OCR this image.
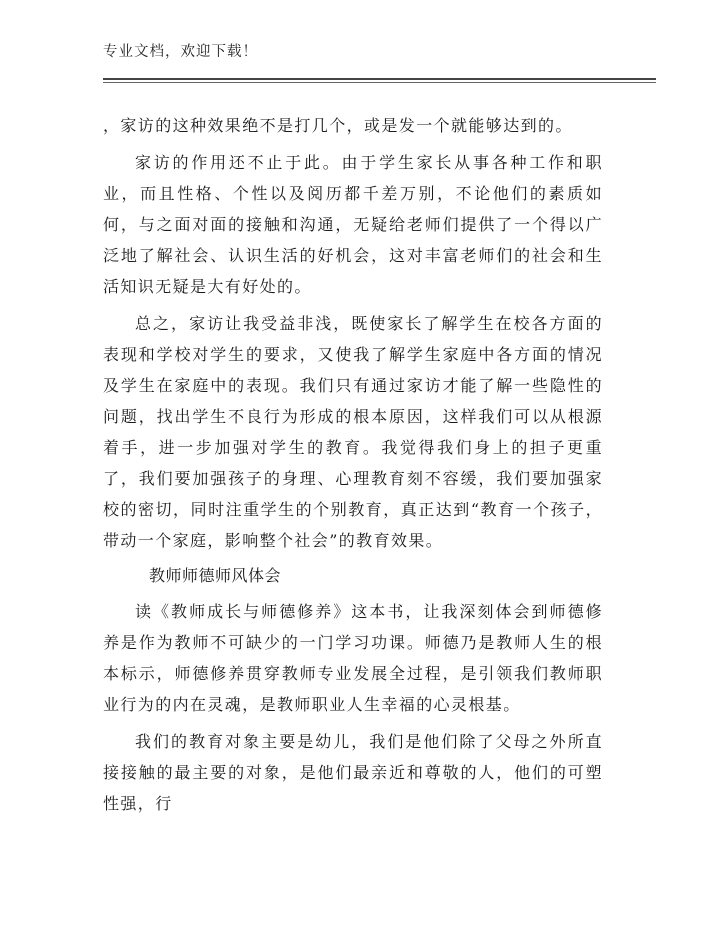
专业文档，欢迎下载！

，家访的这种效果绝不是打几个，或是发一个就能够达到的。

家访的作用还不止于此。由于学生家长从事各种工作和职业，而且性格、个性以及阅历都千差万别，不论他们的素质如何，与之面对面的接触和沟通，无疑给老师们提供了一个得以广泛地了解社会、认识生活的好机会，这对丰富老师们的社会和生活知识无疑是大有好处的。

总之，家访让我受益非浅，既使家长了解学生在校各方面的表现和学校对学生的要求，又使我了解学生家庭中各方面的情况及学生在家庭中的表现。我们只有通过家访才能了解一些隐性的问题，找出学生不良行为形成的根本原因，这样我们可以从根源着手，进一步加强对学生的教育。我觉得我们身上的担子更重了，我们要加强孩子的身理、心理教育刻不容缓，我们要加强家校的密切，同时注重学生的个别教育，真正达到“教育一个孩子，带动一个家庭，影响整个社会”的教育效果。

教师师德师风体会

读《教师成长与师德修养》这本书，让我深刻体会到师德修养是作为教师不可缺少的一门学习功课。师德乃是教师人生的根本标示，师德修养贯穿教师专业发展全过程，是引领我们教师职业行为的内在灵魂，是教师职业人生幸福的心灵根基。

我们的教育对象主要是幼儿，我们是他们除了父母之外所直接接触的最主要的对象，是他们最亲近和尊敬的人，他们的可塑性强，行
